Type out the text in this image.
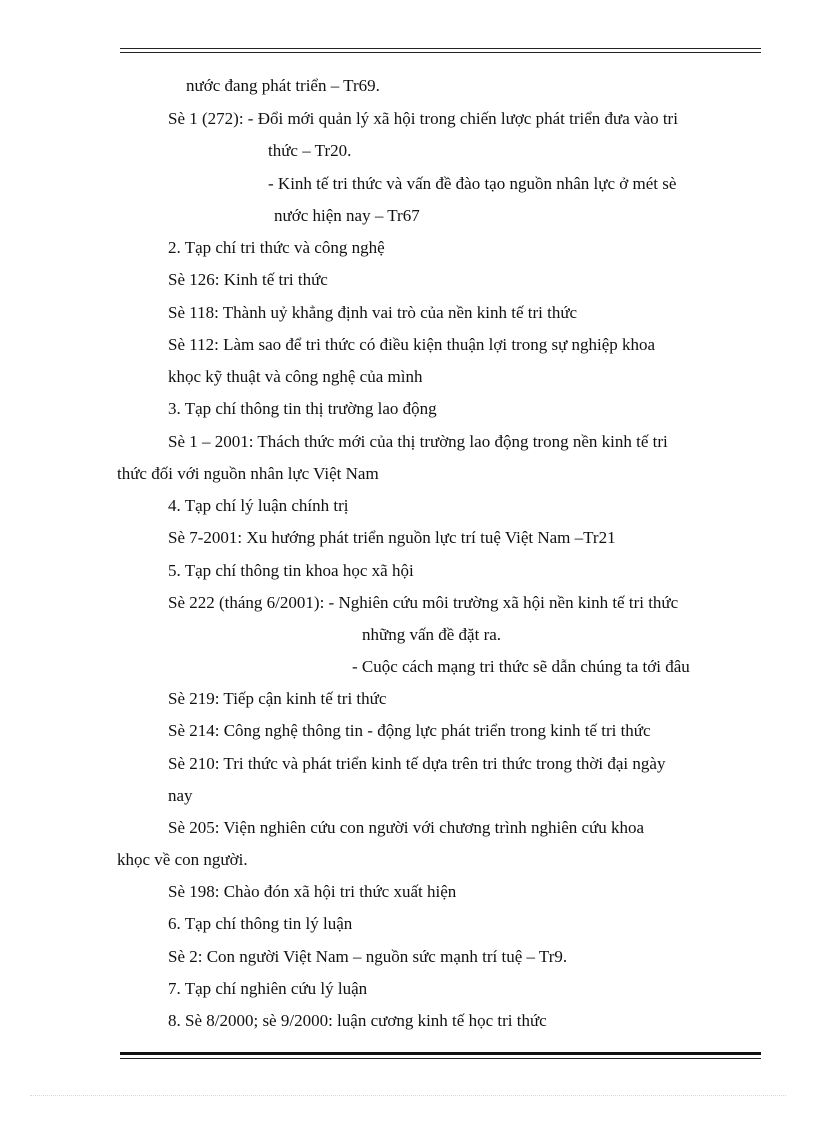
nước đang phát triển – Tr69.
Sè 1 (272): - Đổi mới quản lý xã hội trong chiến lược phát triển đưa vào tri
thức – Tr20.
- Kinh tế tri thức và vấn đề đào tạo nguồn nhân lực ở mét sè
nước hiện nay – Tr67
2. Tạp chí tri thức và công nghệ
Sè 126: Kinh tế tri thức
Sè 118: Thành uỷ khẳng định vai trò của nền kinh tế tri thức
Sè 112: Làm sao để tri thức có điều kiện thuận lợi trong sự nghiệp khoa
khọc kỹ thuật và công nghệ của mình
3. Tạp chí thông tin thị trường lao động
Sè 1 – 2001: Thách thức mới của thị trường lao động trong nền kinh tế tri
thức đối với nguồn nhân lực Việt Nam
4. Tạp chí lý luận chính trị
Sè 7-2001: Xu hướng phát triển nguồn lực trí tuệ Việt Nam –Tr21
5. Tạp chí thông tin khoa học xã hội
Sè 222 (tháng 6/2001): - Nghiên cứu môi trường xã hội nền kinh tế tri thức
những vấn đề đặt ra.
- Cuộc cách mạng tri thức sẽ dẫn chúng ta tới đâu
Sè 219: Tiếp cận kinh tế tri thức
Sè 214: Công nghệ thông tin - động lực phát triển trong kinh tế tri thức
Sè 210: Tri thức và phát triển kinh tế dựa trên tri thức trong thời đại ngày
nay
Sè 205: Viện nghiên cứu con người với chương trình nghiên cứu khoa
khọc về con người.
Sè 198: Chào đón xã hội tri thức xuất hiện
6. Tạp chí thông tin lý luận
Sè 2: Con người Việt Nam – nguồn sức mạnh trí tuệ – Tr9.
7. Tạp chí nghiên cứu lý luận
8. Sè 8/2000; sè 9/2000: luận cương kinh tế học tri thức
